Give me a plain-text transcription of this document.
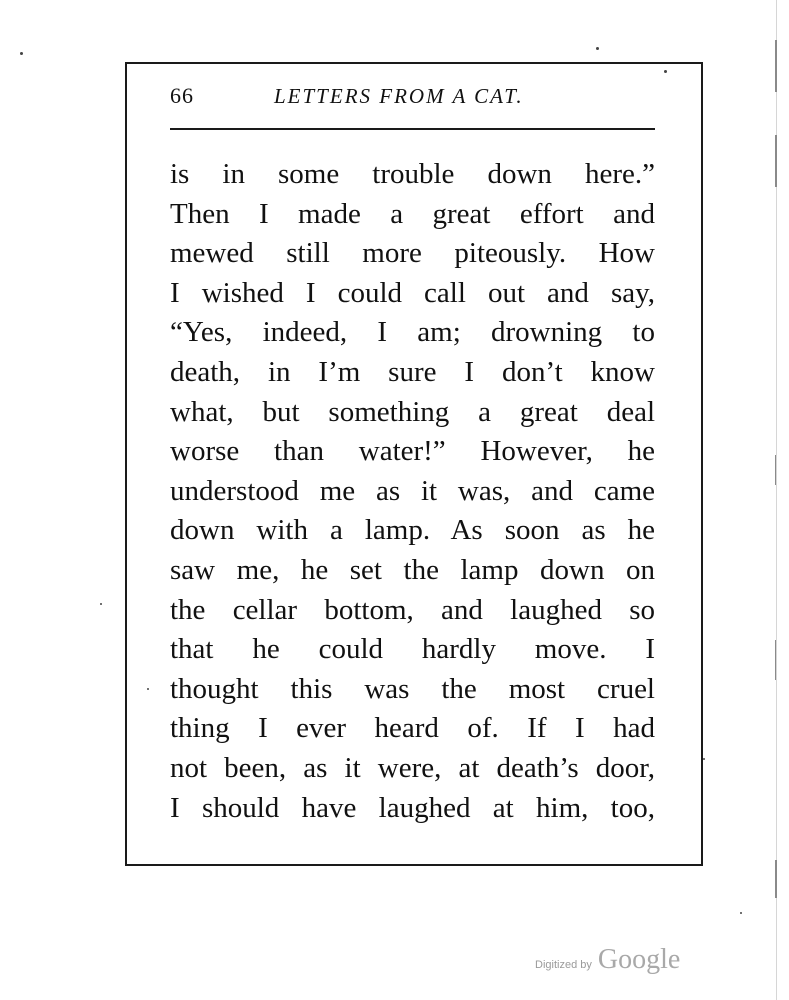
66	LETTERS FROM A CAT.
is in some trouble down here.”
Then I made a great effort and
mewed still more piteously. How
I wished I could call out and say,
“Yes, indeed, I am; drowning to
death, in I’m sure I don’t know
what, but something a great deal
worse than water!” However, he
understood me as it was, and came
down with a lamp. As soon as he
saw me, he set the lamp down on
the cellar bottom, and laughed so
that he could hardly move. I
thought this was the most cruel
thing I ever heard of. If I had
not been, as it were, at death’s door,
I should have laughed at him, too,
Digitized by Google
